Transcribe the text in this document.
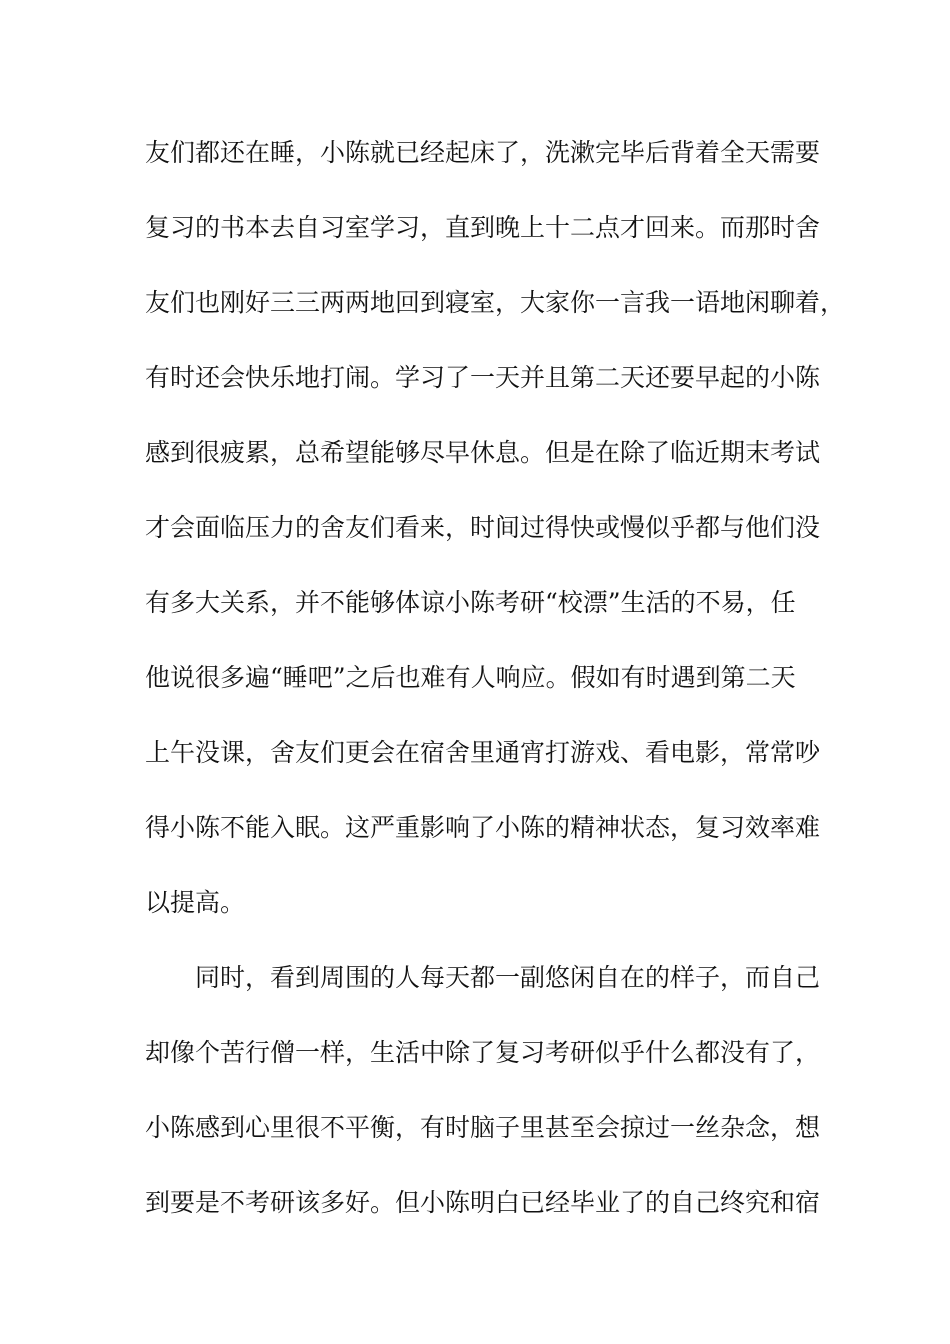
友们都还在睡，小陈就已经起床了，洗漱完毕后背着全天需要
复习的书本去自习室学习，直到晚上十二点才回来。而那时舍
友们也刚好三三两两地回到寝室，大家你一言我一语地闲聊着，
有时还会快乐地打闹。学习了一天并且第二天还要早起的小陈
感到很疲累，总希望能够尽早休息。但是在除了临近期末考试
才会面临压力的舍友们看来，时间过得快或慢似乎都与他们没
有多大关系，并不能够体谅小陈考研“校漂”生活的不易，任
他说很多遍“睡吧”之后也难有人响应。假如有时遇到第二天
上午没课，舍友们更会在宿舍里通宵打游戏、看电影，常常吵
得小陈不能入眠。这严重影响了小陈的精神状态，复习效率难
以提高。
同时，看到周围的人每天都一副悠闲自在的样子，而自己
却像个苦行僧一样，生活中除了复习考研似乎什么都没有了，
小陈感到心里很不平衡，有时脑子里甚至会掠过一丝杂念，想
到要是不考研该多好。但小陈明白已经毕业了的自己终究和宿
